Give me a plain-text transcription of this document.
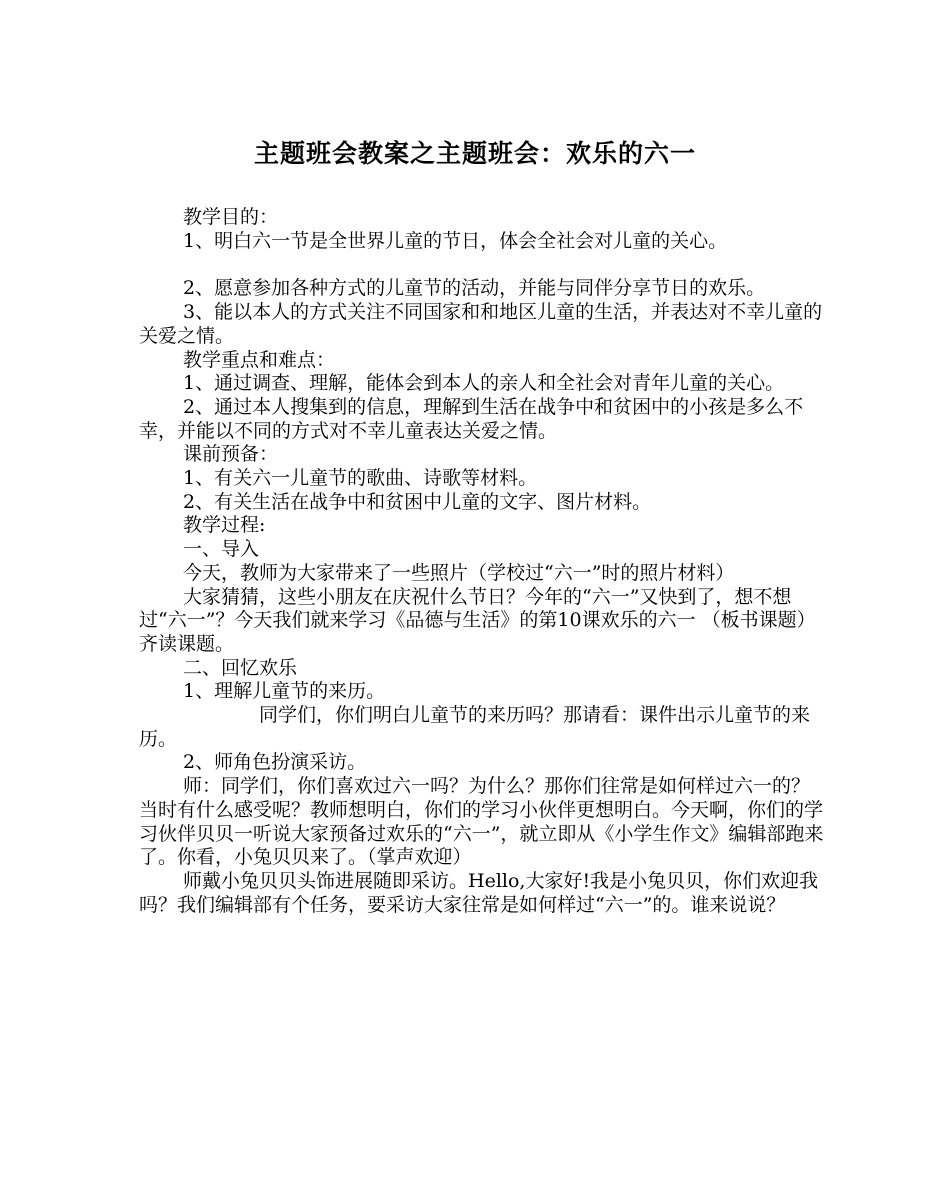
主题班会教案之主题班会：欢乐的六一

教学目的：

1、明白六一节是全世界儿童的节日，体会全社会对儿童的关心。

2、愿意参加各种方式的儿童节的活动，并能与同伴分享节日的欢乐。

3、能以本人的方式关注不同国家和和地区儿童的生活，并表达对不幸儿童的关爱之情。

教学重点和难点：

1、通过调查、理解，能体会到本人的亲人和全社会对青年儿童的关心。

2、通过本人搜集到的信息，理解到生活在战争中和贫困中的小孩是多么不幸，并能以不同的方式对不幸儿童表达关爱之情。

课前预备：

1、有关六一儿童节的歌曲、诗歌等材料。

2、有关生活在战争中和贫困中儿童的文字、图片材料。

教学过程:

一、导入

今天，教师为大家带来了一些照片（学校过“六一”时的照片材料）

大家猜猜，这些小朋友在庆祝什么节日？今年的“六一”又快到了，想不想过“六一”？今天我们就来学习《品德与生活》的第10课欢乐的六一 （板书课题）齐读课题。

二、回忆欢乐

1、理解儿童节的来历。

同学们，你们明白儿童节的来历吗？那请看：课件出示儿童节的来历。

2、师角色扮演采访。

师：同学们，你们喜欢过六一吗？为什么？那你们往常是如何样过六一的？当时有什么感受呢？教师想明白，你们的学习小伙伴更想明白。今天啊，你们的学习伙伴贝贝一听说大家预备过欢乐的“六一”，就立即从《小学生作文》编辑部跑来了。你看，小兔贝贝来了。（掌声欢迎）

师戴小兔贝贝头饰进展随即采访。Hello,大家好!我是小兔贝贝，你们欢迎我吗？我们编辑部有个任务，要采访大家往常是如何样过“六一”的。谁来说说？
